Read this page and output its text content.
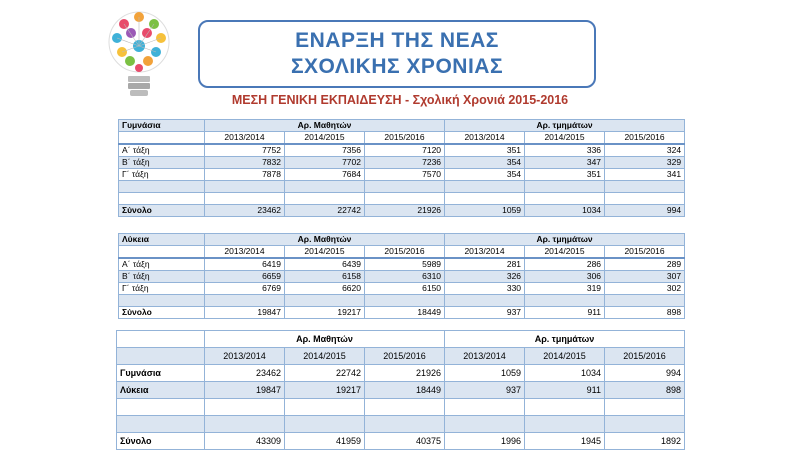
ΕΝΑΡΞΗ ΤΗΣ ΝΕΑΣ
ΣΧΟΛΙΚΗΣ ΧΡΟΝΙΑΣ
ΜΕΣΗ ΓΕΝΙΚΗ ΕΚΠΑΙΔΕΥΣΗ - Σχολική Χρονιά 2015-2016
Γυμνάσια	Αρ. Μαθητών			Αρ. τμημάτων		
	2013/2014	2014/2015	2015/2016	2013/2014	2014/2015	2015/2016
Α΄ τάξη	7752	7356	7120	351	336	324
Β΄ τάξη	7832	7702	7236	354	347	329
Γ΄ τάξη	7878	7684	7570	354	351	341

Σύνολο	23462	22742	21926	1059	1034	994
Λύκεια	Αρ. Μαθητών			Αρ. τμημάτων		
	2013/2014	2014/2015	2015/2016	2013/2014	2014/2015	2015/2016
Α΄ τάξη	6419	6439	5989	281	286	289
Β΄ τάξη	6659	6158	6310	326	306	307
Γ΄ τάξη	6769	6620	6150	330	319	302

Σύνολο	19847	19217	18449	937	911	898
	Αρ. Μαθητών			Αρ. τμημάτων		
	2013/2014	2014/2015	2015/2016	2013/2014	2014/2015	2015/2016
Γυμνάσια	23462	22742	21926	1059	1034	994
Λύκεια	19847	19217	18449	937	911	898

Σύνολο	43309	41959	40375	1996	1945	1892
